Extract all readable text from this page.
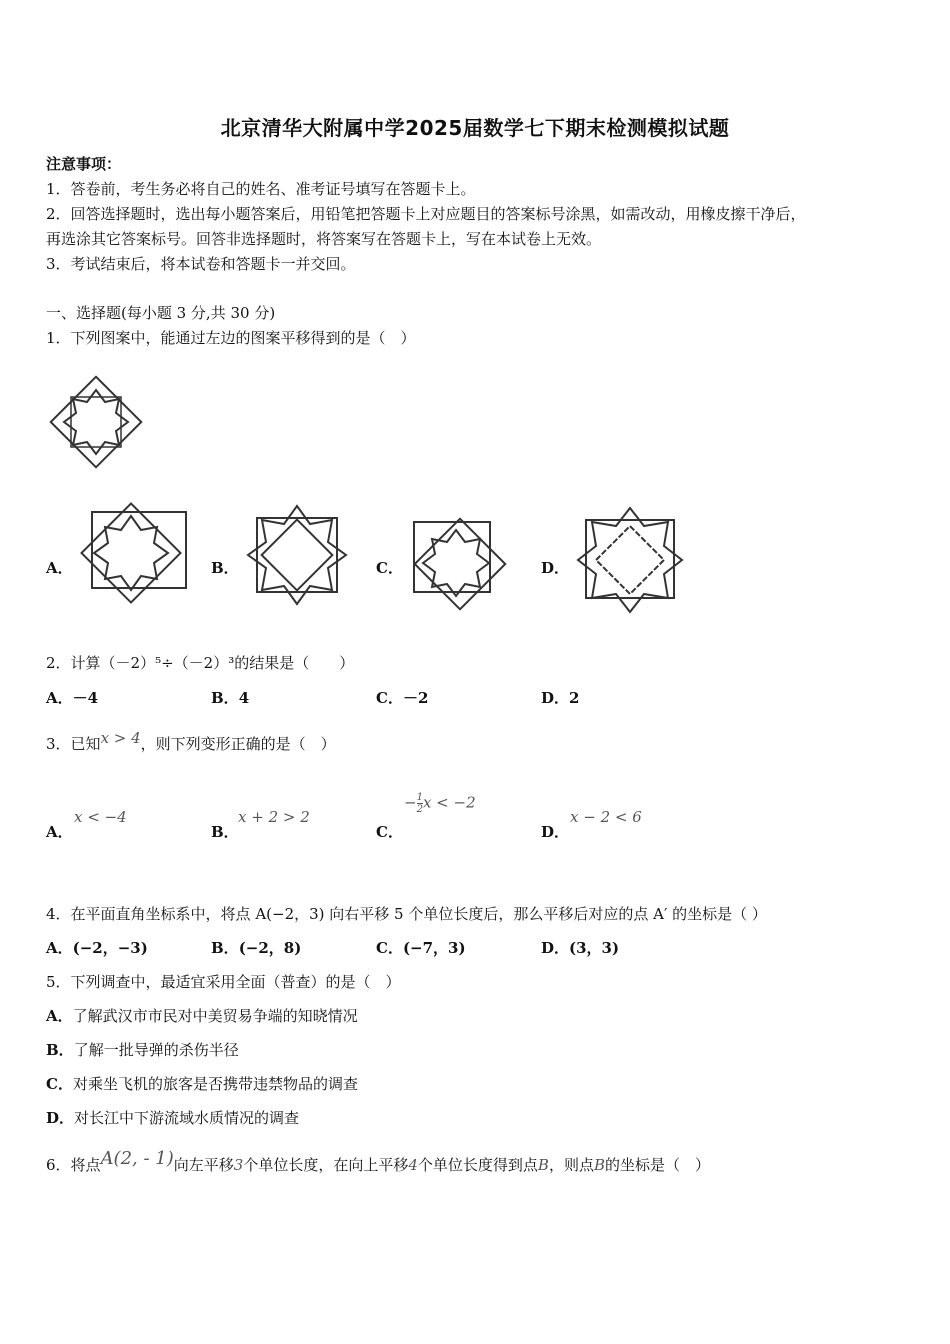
北京清华大附属中学2025届数学七下期末检测模拟试题
注意事项：
1．答卷前，考生务必将自己的姓名、准考证号填写在答题卡上。
2．回答选择题时，选出每小题答案后，用铅笔把答题卡上对应题目的答案标号涂黑，如需改动，用橡皮擦干净后，
再选涂其它答案标号。回答非选择题时，将答案写在答题卡上，写在本试卷上无效。
3．考试结束后，将本试卷和答题卡一并交回。
一、选择题(每小题 3 分,共 30 分)
1．下列图案中，能通过左边的图案平移得到的是（　）
A．	B．	C．	D．
2．计算（－2）⁵÷（－2）³的结果是（　　）
A．－4	B．4	C．－2	D．2
3．已知x > 4，则下列变形正确的是（　）
A．
x < −4
B．
x + 2 > 2
C．
− $\frac{1}{2}$ x < −2
D．
x − 2 < 6
4．在平面直角坐标系中，将点 A(−2，3) 向右平移 5 个单位长度后，那么平移后对应的点 A′ 的坐标是（ ）
A．(−2，−3)	B．(−2，8)	C．(−7，3)	D．(3，3)
5．下列调查中，最适宜采用全面（普查）的是（　）
A．了解武汉市市民对中美贸易争端的知晓情况
B．了解一批导弹的杀伤半径
C．对乘坐飞机的旅客是否携带违禁物品的调查
D．对长江中下游流域水质情况的调查
6．将点A(2, - 1)向左平移3个单位长度，在向上平移4个单位长度得到点B，则点B的坐标是（　）
